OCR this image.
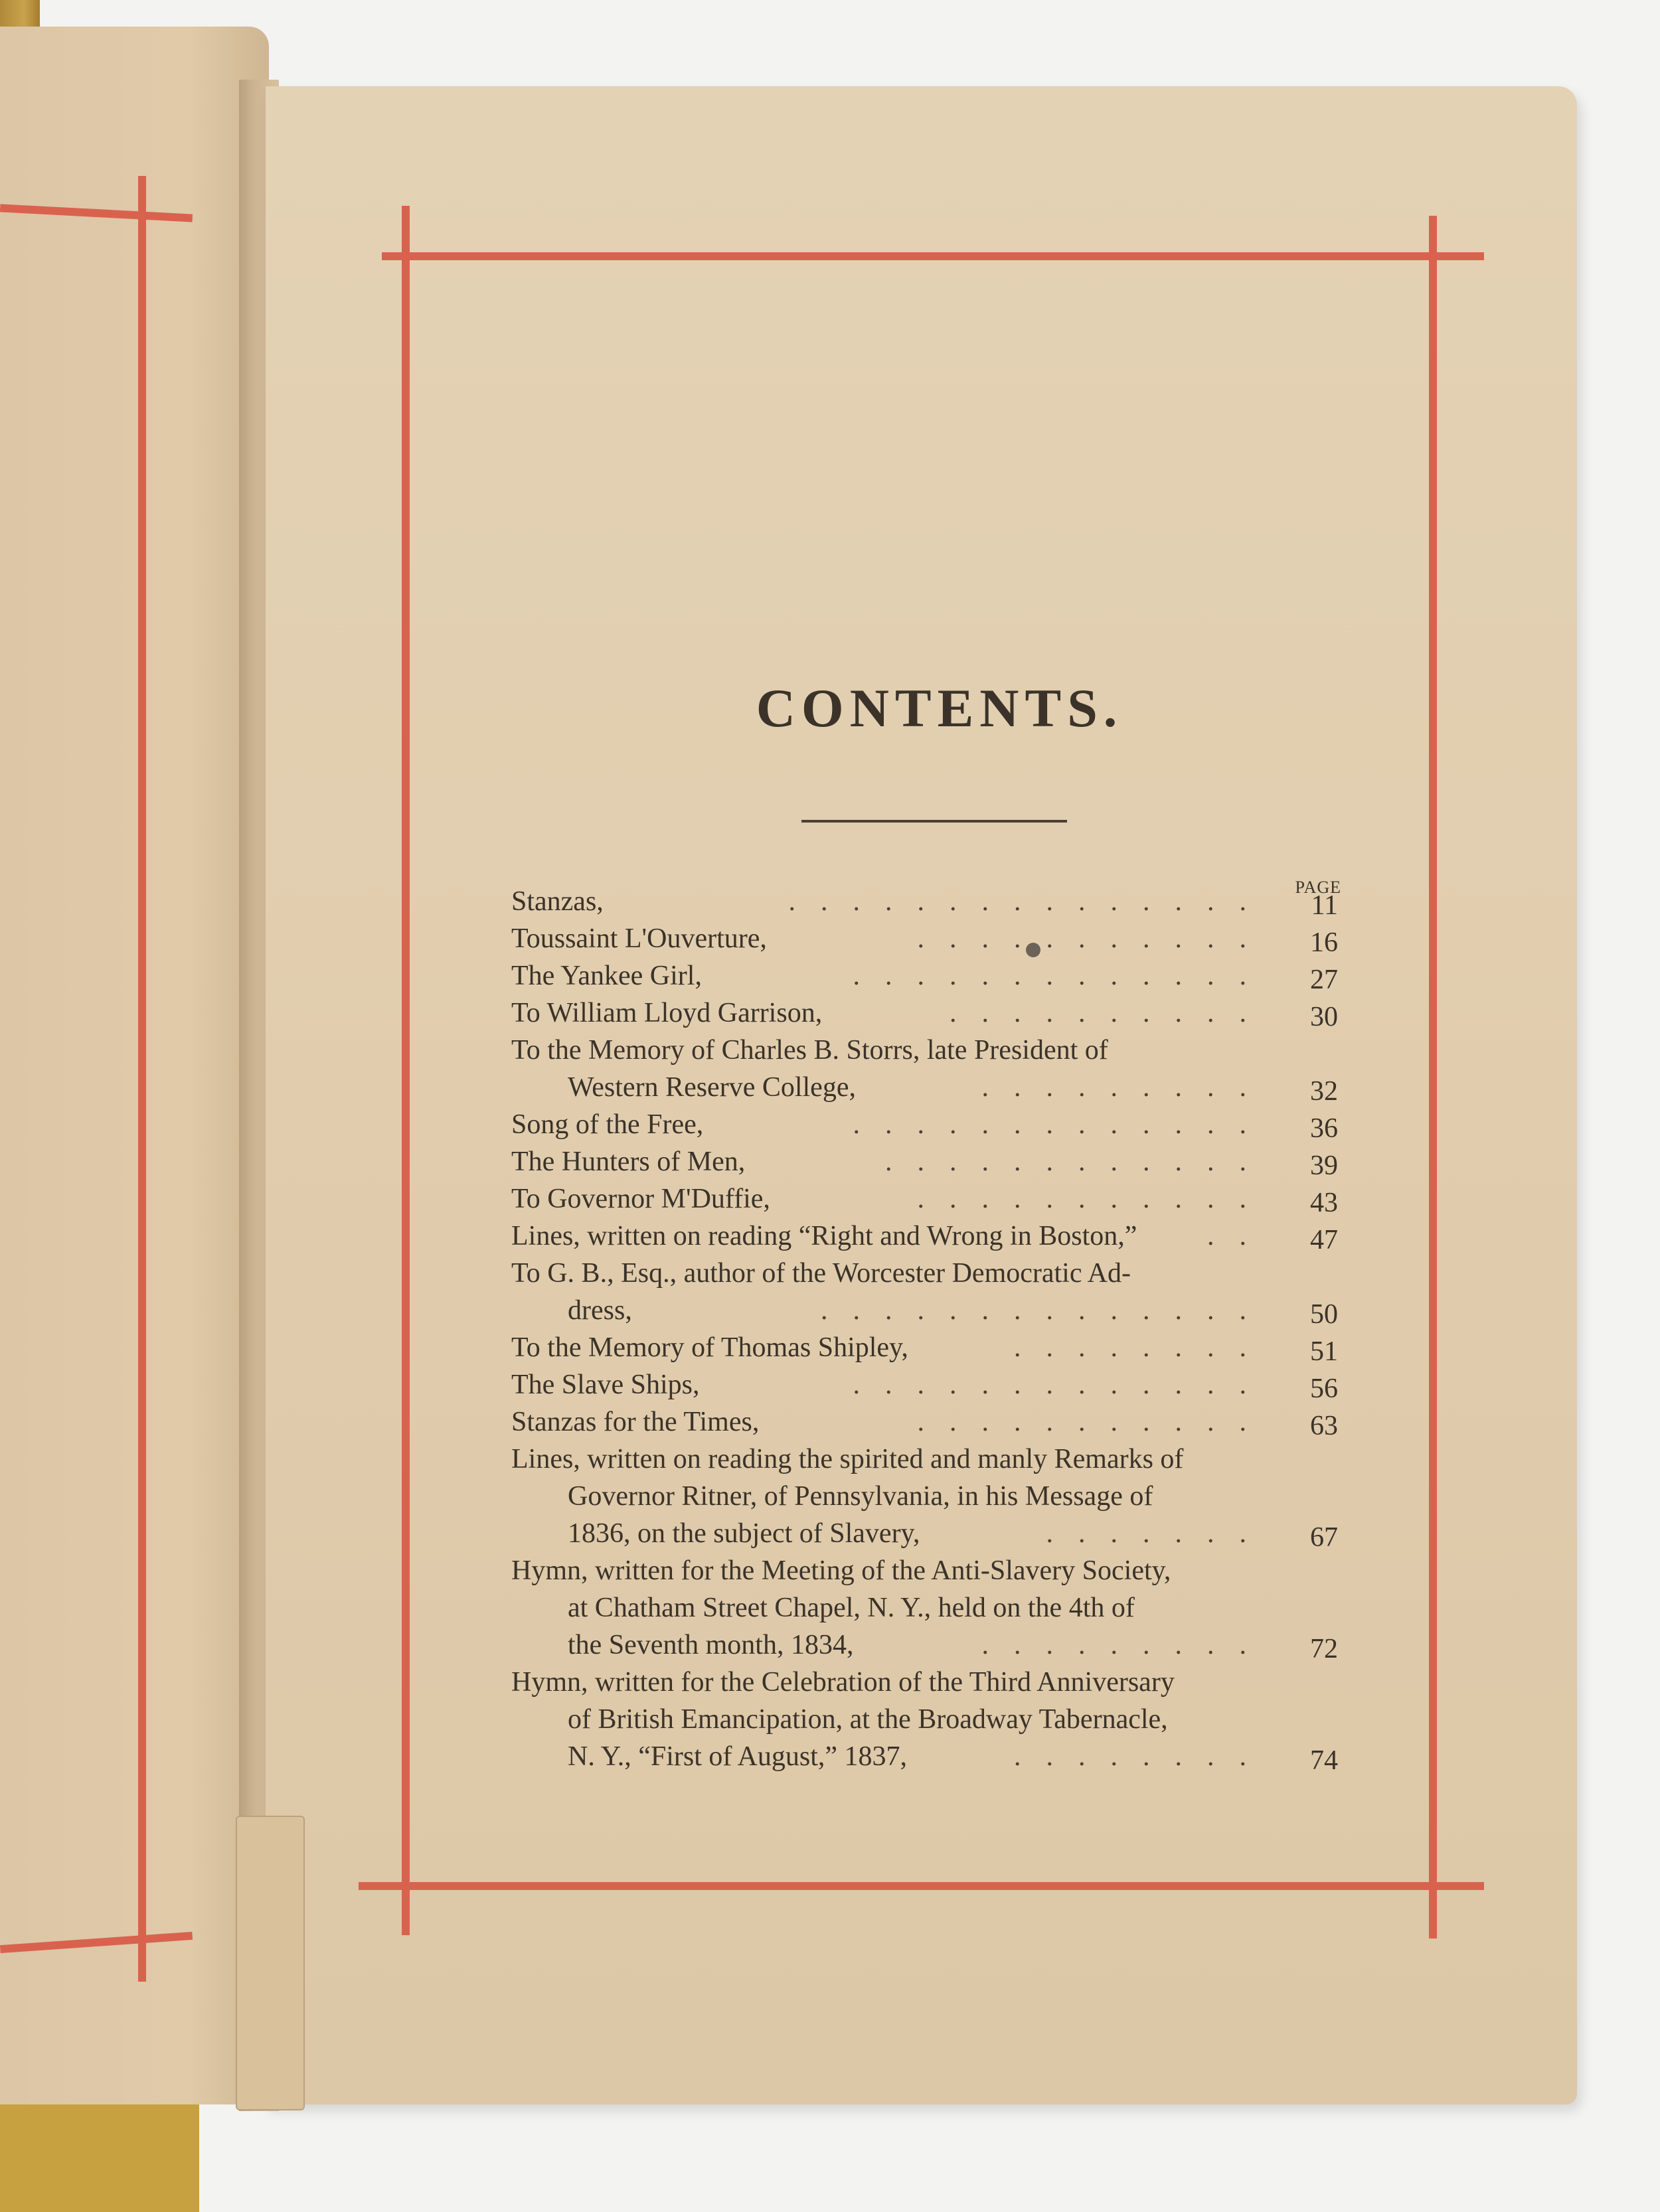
CONTENTS.
PAGE
Stanzas,	...............	11
Toussaint L'Ouverture,	...........	16
The Yankee Girl,	.............	27
To William Lloyd Garrison,	..........	30
To the Memory of Charles B. Storrs, late President of
Western Reserve College,	.........	32
Song of the Free,	.............	36
The Hunters of Men,	............	39
To Governor M'Duffie,	...........	43
Lines, written on reading “Right and Wrong in Boston,”	..	47
To G. B., Esq., author of the Worcester Democratic Ad-
dress,	..............	50
To the Memory of Thomas Shipley,	........	51
The Slave Ships,	.............	56
Stanzas for the Times,	...........	63
Lines, written on reading the spirited and manly Remarks of
Governor Ritner, of Pennsylvania, in his Message of
1836, on the subject of Slavery,	.......	67
Hymn, written for the Meeting of the Anti-Slavery Society,
at Chatham Street Chapel, N. Y., held on the 4th of
the Seventh month, 1834,	.........	72
Hymn, written for the Celebration of the Third Anniversary
of British Emancipation, at the Broadway Tabernacle,
N. Y., “First of August,” 1837,	........	74
